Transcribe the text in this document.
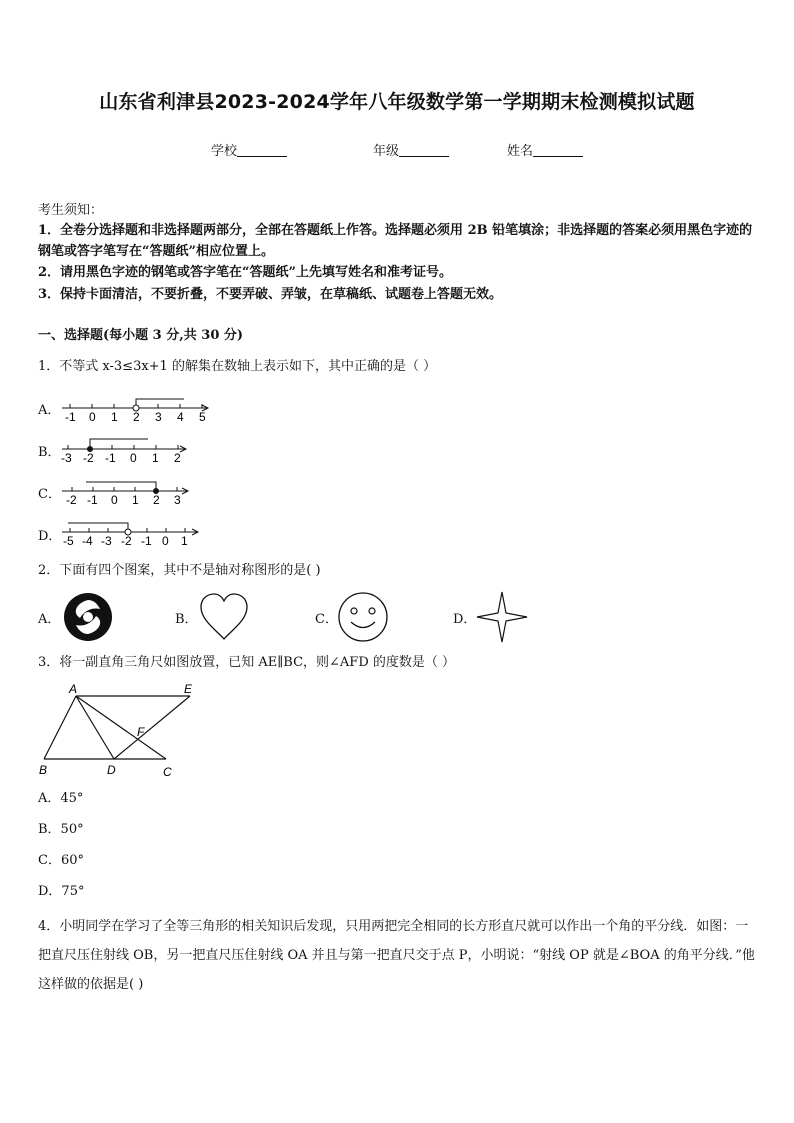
山东省利津县2023-2024学年八年级数学第一学期期末检测模拟试题
学校	年级	姓名
考生须知：
1．全卷分选择题和非选择题两部分，全部在答题纸上作答。选择题必须用 2B 铅笔填涂；非选择题的答案必须用黑色字迹的钢笔或答字笔写在“答题纸”相应位置上。
2．请用黑色字迹的钢笔或答字笔在“答题纸”上先填写姓名和准考证号。
3．保持卡面清洁，不要折叠，不要弄破、弄皱，在草稿纸、试题卷上答题无效。
一、选择题(每小题 3 分,共 30 分)
1．不等式 x-3≤3x+1 的解集在数轴上表示如下，其中正确的是（ ）
A． -1 0 1 2 3 4 5
B． -3 -2 -1 0 1 2
C． -2 -1 0 1 2 3
D． -5 -4 -3 -2 -1 0 1
2．下面有四个图案，其中不是轴对称图形的是( )
A．	B．	C．	D．
3．将一副直角三角尺如图放置，已知 AE∥BC，则∠AFD 的度数是（ ）
A	E
F
B	D	C
A．45°
B．50°
C．60°
D．75°
4．小明同学在学习了全等三角形的相关知识后发现，只用两把完全相同的长方形直尺就可以作出一个角的平分线．如图：一把直尺压住射线 OB，另一把直尺压住射线 OA 并且与第一把直尺交于点 P，小明说：“射线 OP 就是∠BOA 的角平分线．”他这样做的依据是( )
